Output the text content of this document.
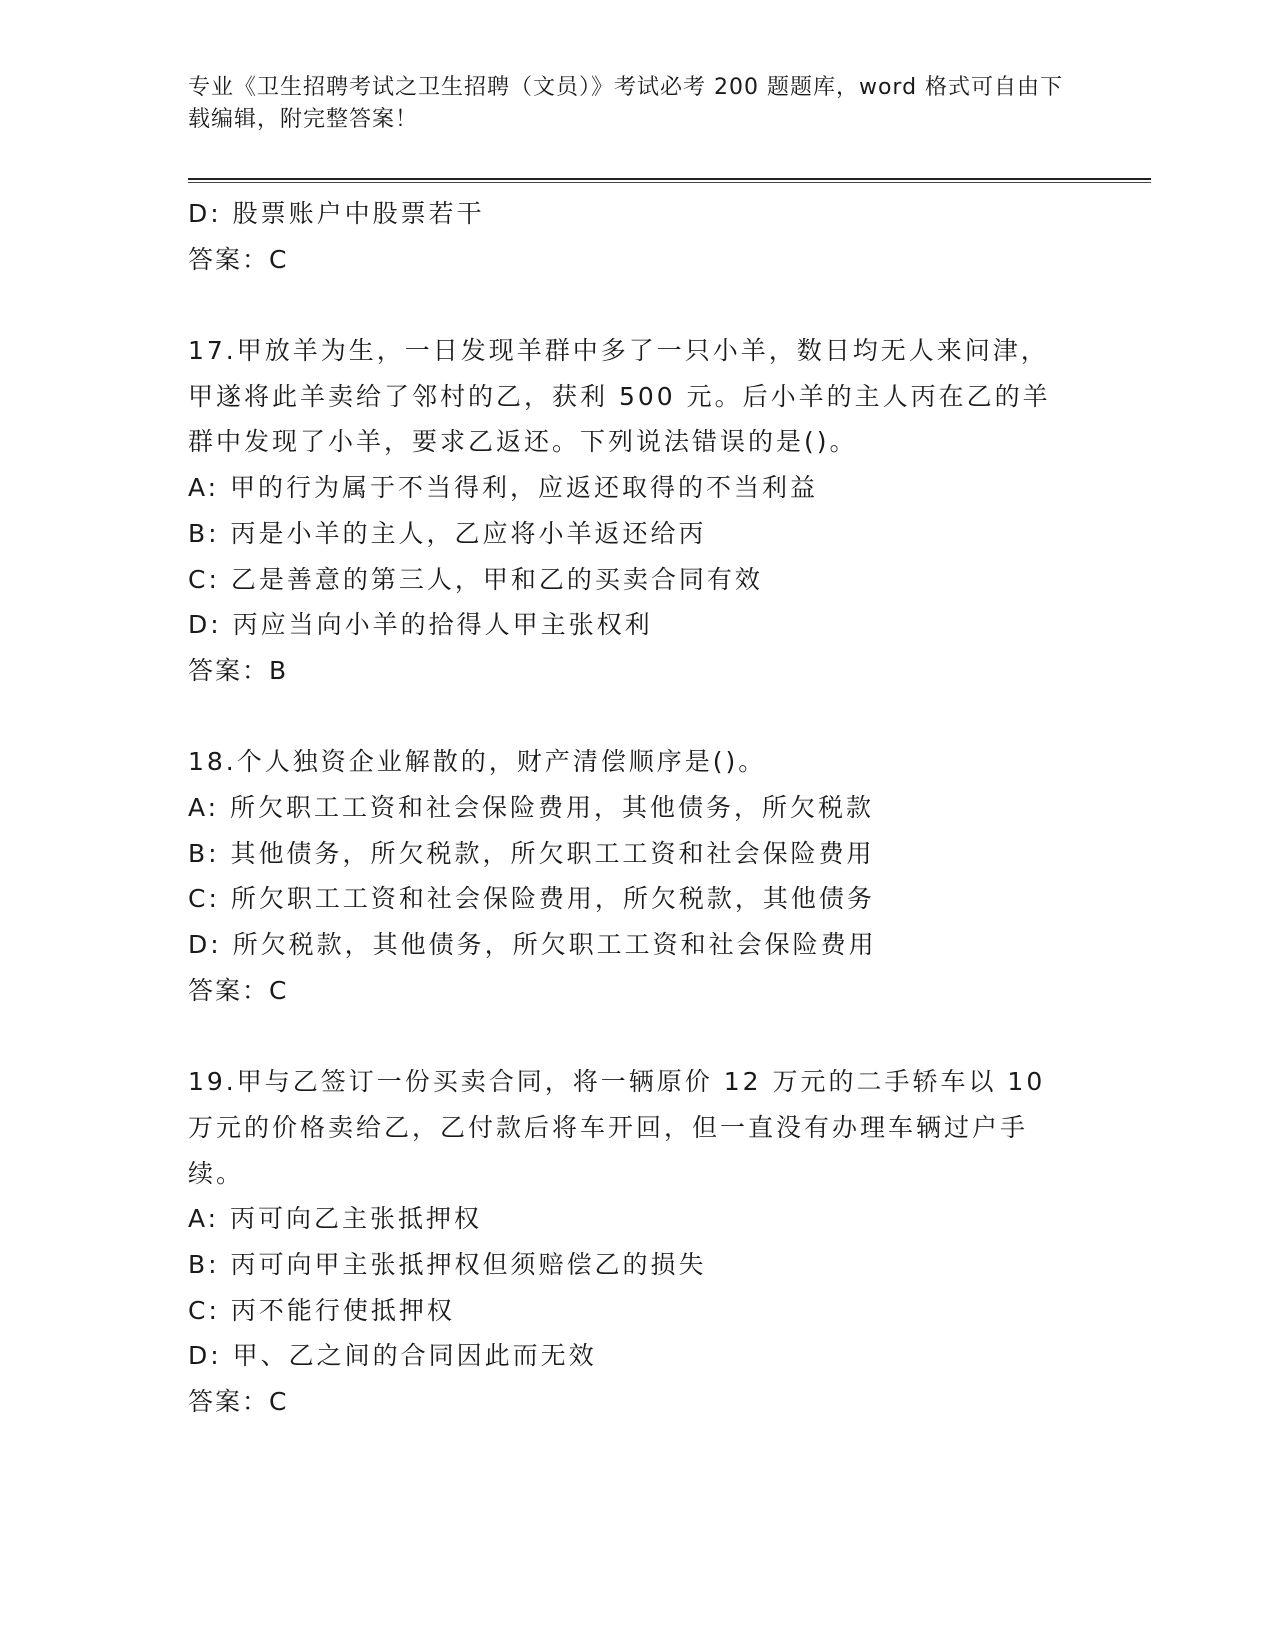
专业《卫生招聘考试之卫生招聘（文员）》考试必考 200 题题库，word 格式可自由下载编辑，附完整答案！

D: 股票账户中股票若干

答案：C

17.甲放羊为生，一日发现羊群中多了一只小羊，数日均无人来问津，甲遂将此羊卖给了邻村的乙，获利 500 元。后小羊的主人丙在乙的羊群中发现了小羊，要求乙返还。下列说法错误的是()。

A: 甲的行为属于不当得利，应返还取得的不当利益

B: 丙是小羊的主人，乙应将小羊返还给丙

C: 乙是善意的第三人，甲和乙的买卖合同有效

D: 丙应当向小羊的拾得人甲主张权利

答案：B

18.个人独资企业解散的，财产清偿顺序是()。

A: 所欠职工工资和社会保险费用，其他债务，所欠税款

B: 其他债务，所欠税款，所欠职工工资和社会保险费用

C: 所欠职工工资和社会保险费用，所欠税款，其他债务

D: 所欠税款，其他债务，所欠职工工资和社会保险费用

答案：C

19.甲与乙签订一份买卖合同，将一辆原价 12 万元的二手轿车以 10 万元的价格卖给乙，乙付款后将车开回，但一直没有办理车辆过户手续。

A: 丙可向乙主张抵押权

B: 丙可向甲主张抵押权但须赔偿乙的损失

C: 丙不能行使抵押权

D: 甲、乙之间的合同因此而无效

答案：C
